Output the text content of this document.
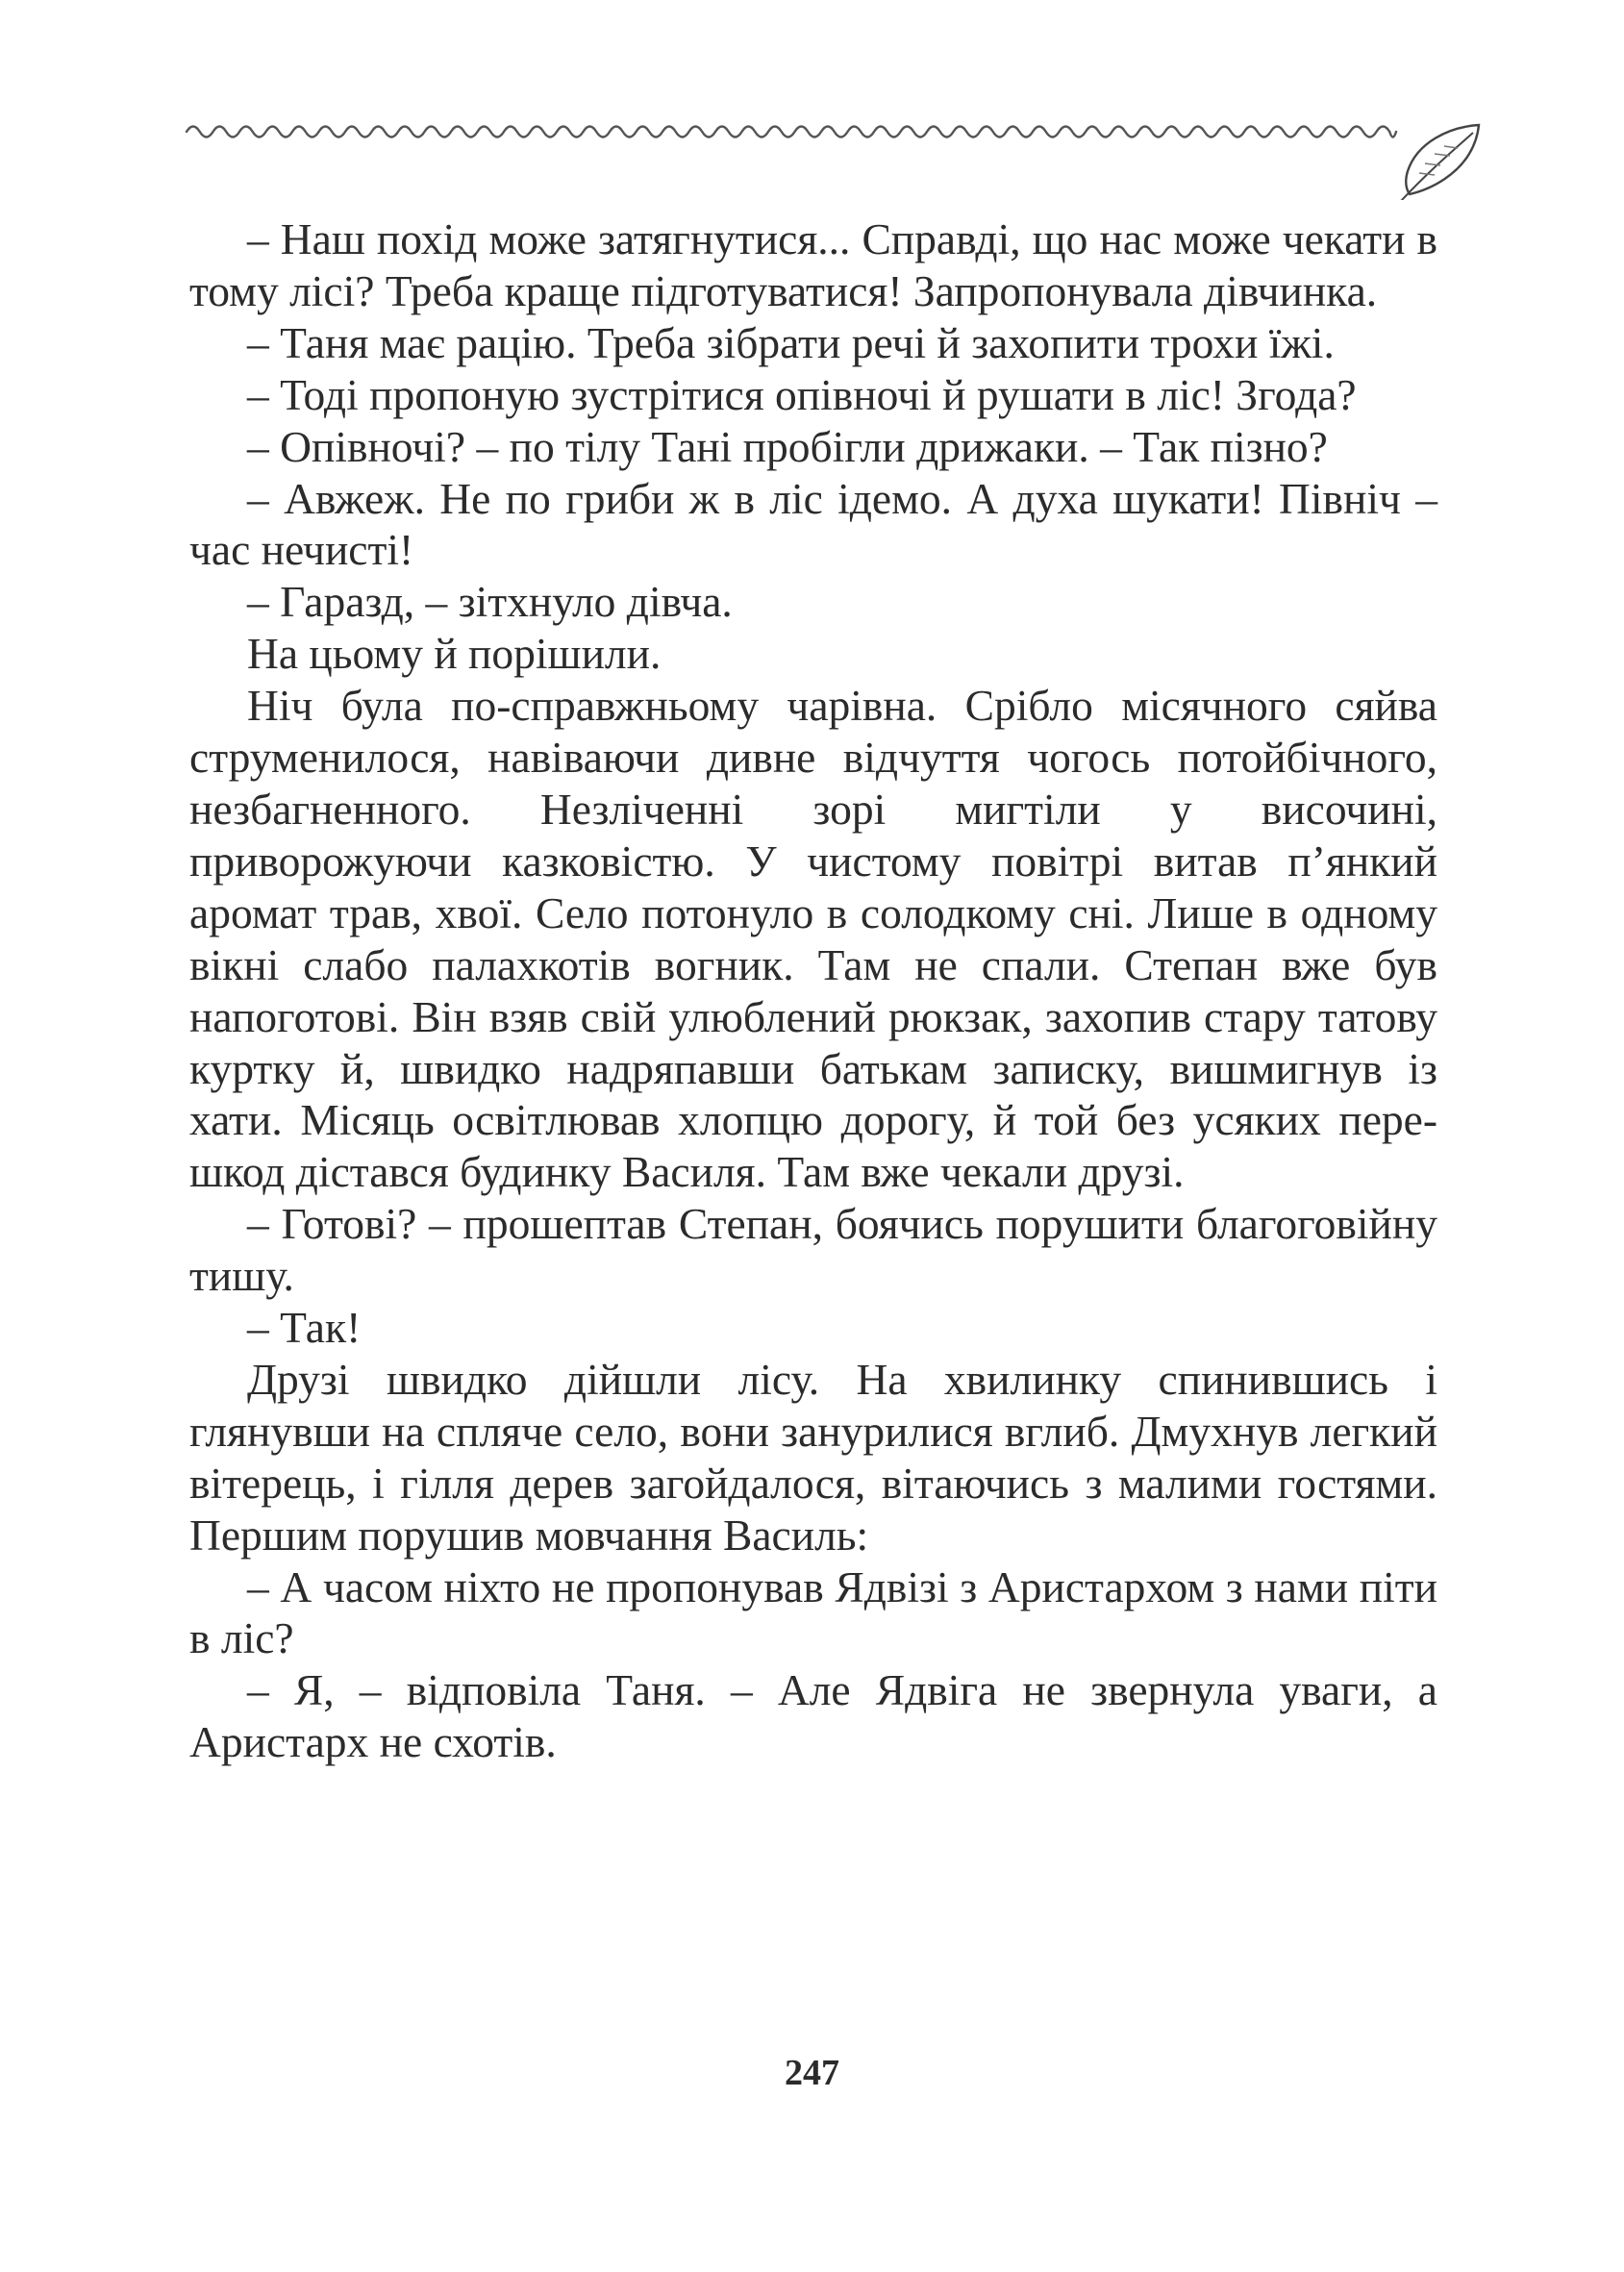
– Наш похід може затягнутися... Справді, що нас може чекати в тому лісі? Треба краще підготуватися! Запропонувала дівчинка.

– Таня має рацію. Треба зібрати речі й захопити трохи їжі.

– Тоді пропоную зустрітися опівночі й рушати в ліс! Згода?

– Опівночі? – по тілу Тані пробігли дрижаки. – Так пізно?

– Авжеж. Не по гриби ж в ліс ідемо. А духа шукати! Північ – час нечисті!

– Гаразд, – зітхнуло дівча.

На цьому й порішили.

Ніч була по-справжньому чарівна. Срібло місячного сяйва струменилося, навіваючи дивне відчуття чогось потойбічного, незбагненного. Незліченні зорі мигтіли у височині, приворожуючи казковістю. У чистому повітрі витав п’янкий аромат трав, хвої. Село потонуло в солодкому сні. Лише в одному вікні слабо палахкотів вогник. Там не спали. Степан вже був напоготові. Він взяв свій улюблений рюкзак, захопив стару татову куртку й, швидко надряпавши батькам записку, вишмигнув із хати. Місяць освітлював хлопцю дорогу, й той без усяких перешкод дістався будинку Василя. Там вже чекали друзі.

– Готові? – прошептав Степан, боячись порушити благоговійну тишу.

– Так!

Друзі швидко дійшли лісу. На хвилинку спинившись і глянувши на спляче село, вони занурилися вглиб. Дмухнув легкий вітерець, і гілля дерев загойдалося, вітаючись з малими гостями. Першим порушив мовчання Василь:

– А часом ніхто не пропонував Ядвізі з Аристархом з нами піти в ліс?

– Я, – відповіла Таня. – Але Ядвіга не звернула уваги, а Аристарх не схотів.

247
